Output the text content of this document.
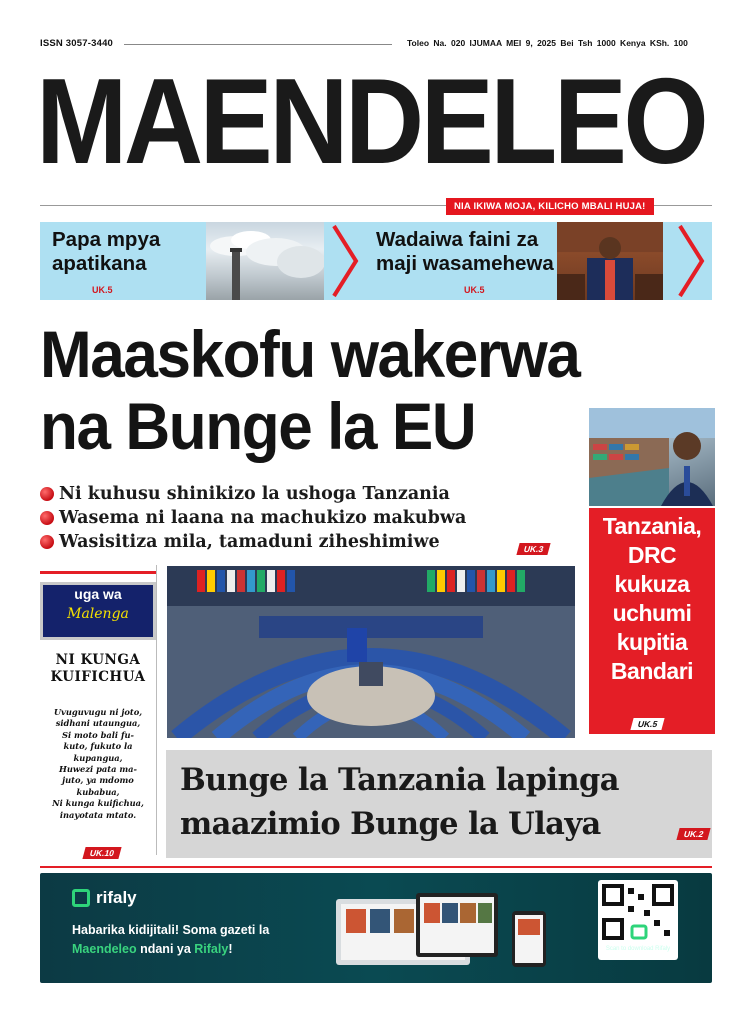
ISSN 3057-3440	Toleo Na. 020 IJUMAA MEI 9, 2025 Bei Tsh 1000 Kenya KSh. 100
MAENDELEO
NIA IKIWA MOJA, KILICHO MBALI HUJA!
Papa mpya
apatikana
UK.5
Wadaiwa faini za
maji wasamehewa
UK.5
Maaskofu wakerwa
na Bunge la EU
Ni kuhusu shinikizo la ushoga Tanzania
Wasema ni laana na machukizo makubwa
Wasisitiza mila, tamaduni ziheshimiwe	UK.3
Tanzania,
DRC
kukuza
uchumi
kupitia
Bandari
UK.5
uga wa
Malenga
NI KUNGA
KUIFICHUA
Uvuguvugu ni joto,
sidhani utaungua,
Si moto bali fu-
kuto, fukuto la
kupangua,
Huwezi pata ma-
juto, ya mdomo
kubabua,
Ni kunga kuifichua,
inayotata mtato.
UK.10
Bunge la Tanzania lapinga
maazimio Bunge la Ulaya	UK.2
rifaly
Habarika kidijitali! Soma gazeti la
Maendeleo ndani ya Rifaly!	Scan to download Rifaly
